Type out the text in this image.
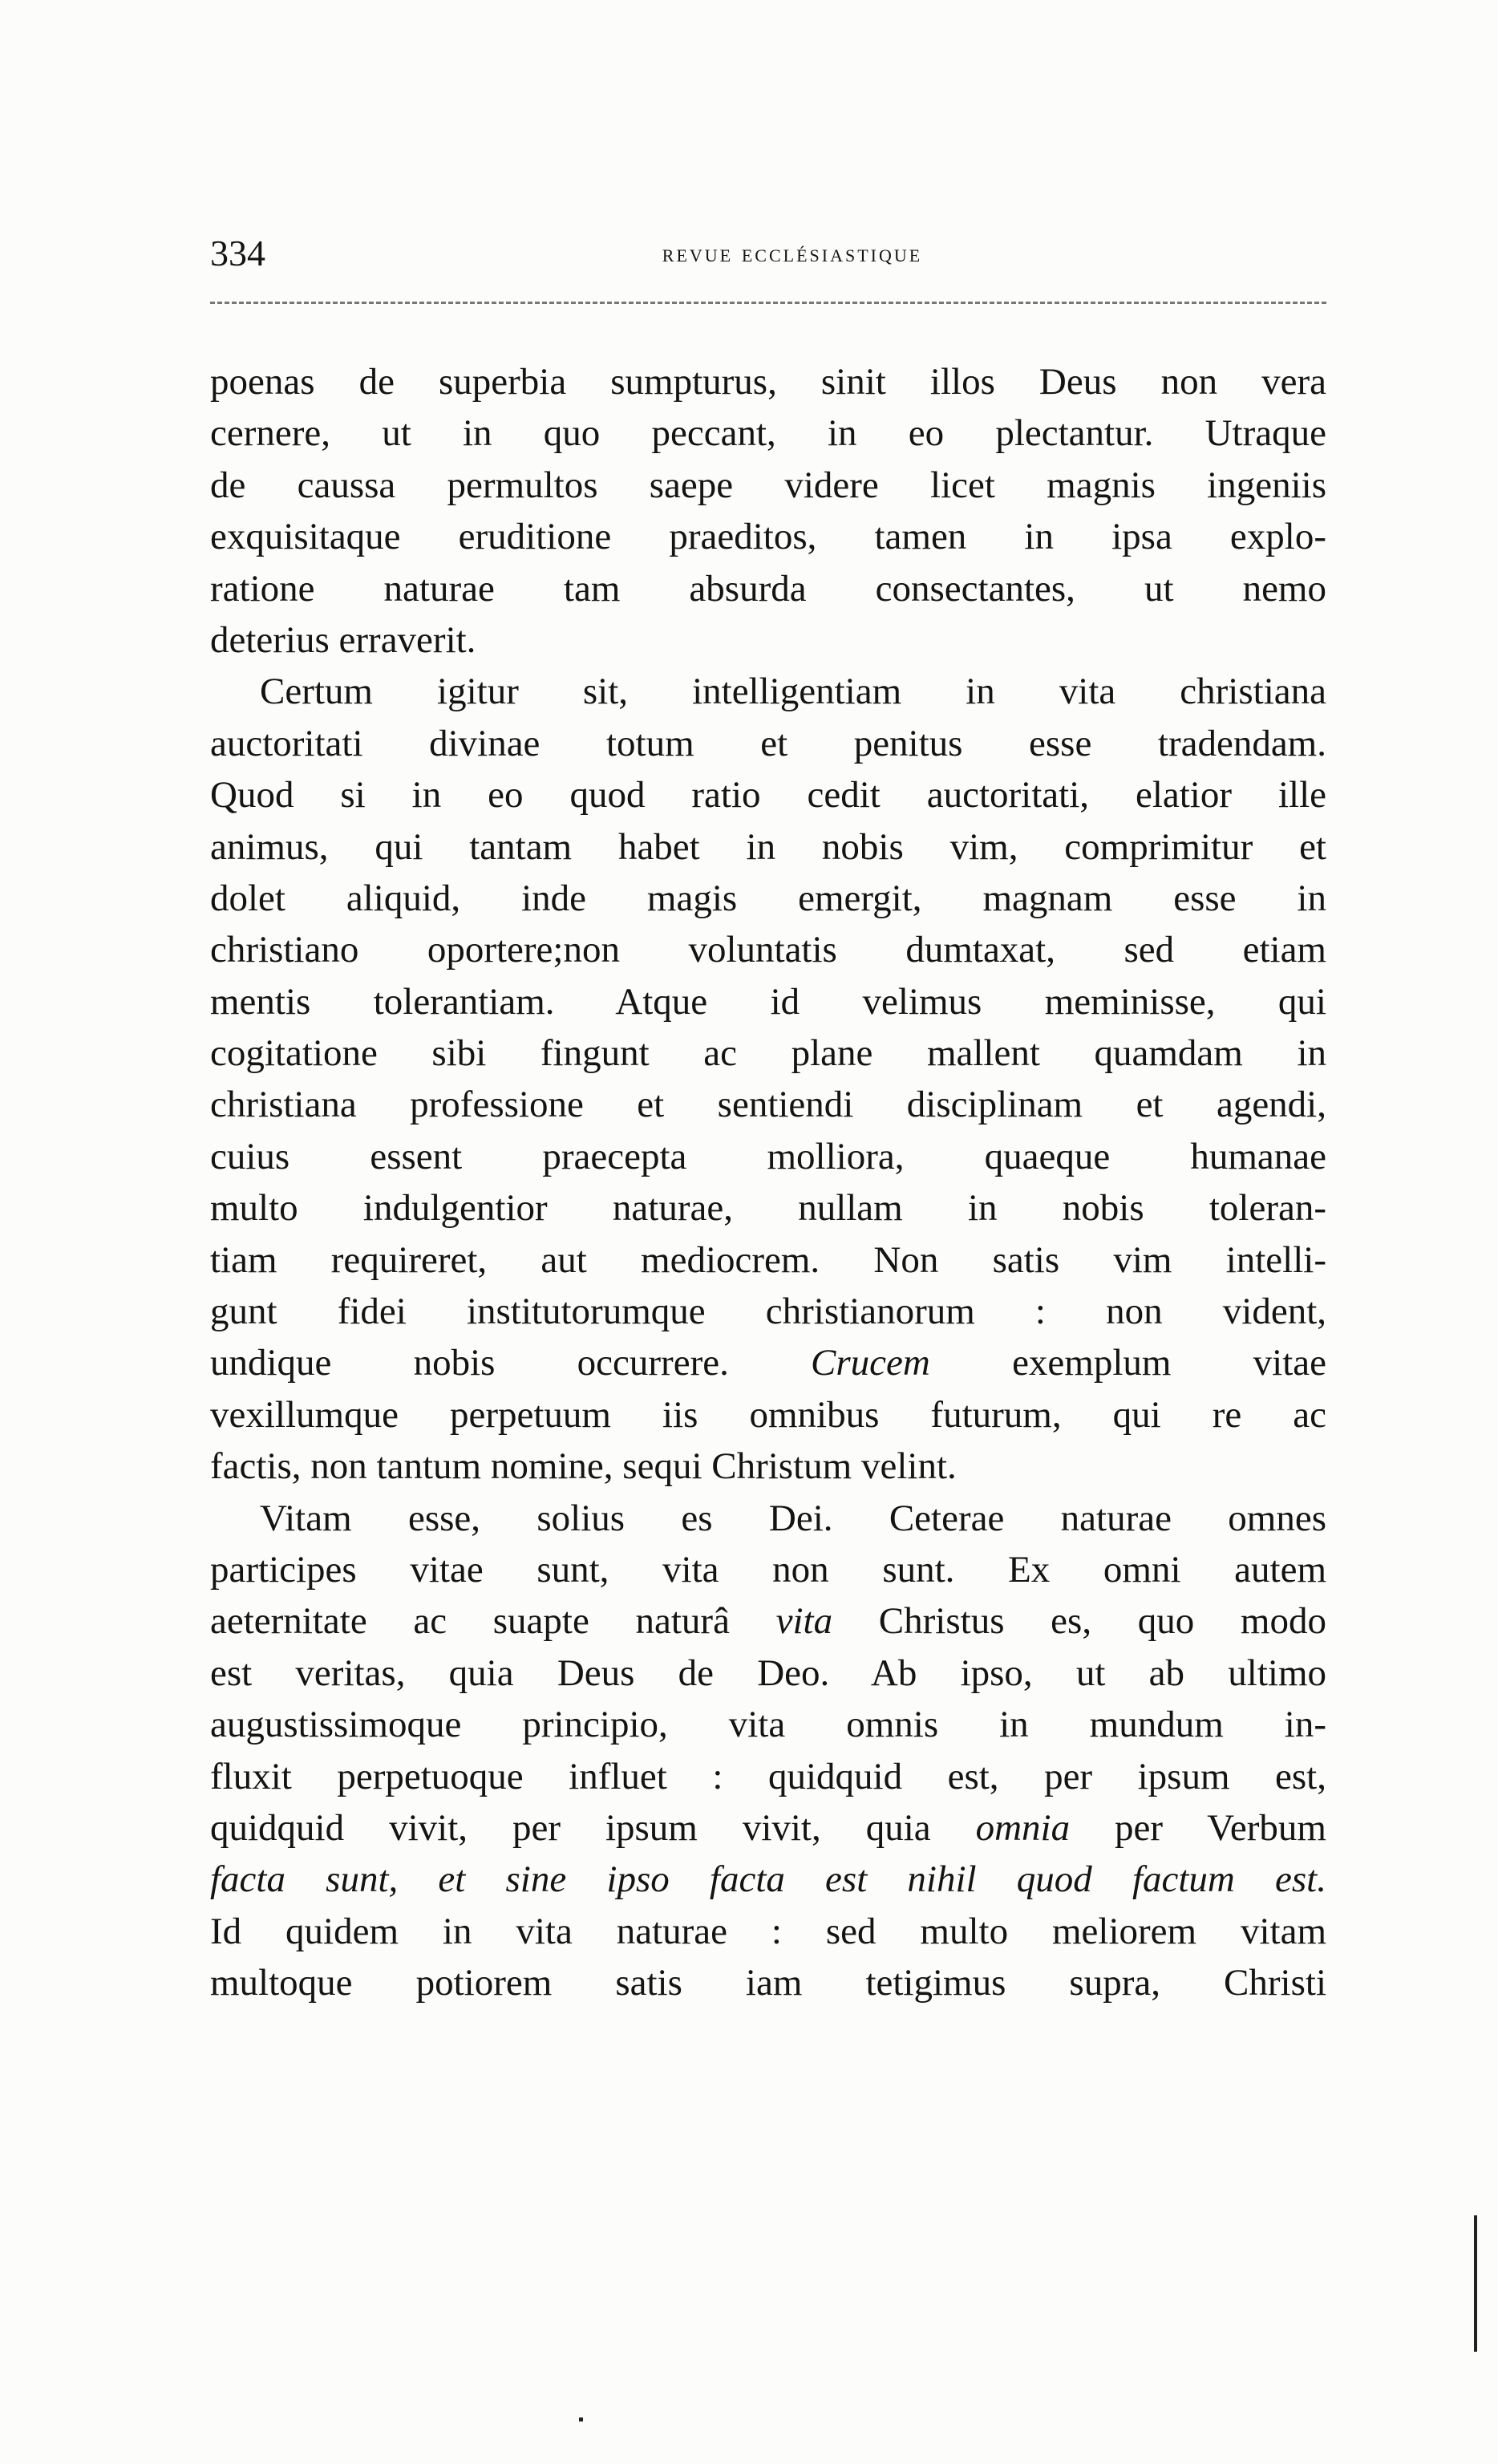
334	revue ecclésiastique
poenas de superbia sumpturus, sinit illos Deus non vera
cernere, ut in quo peccant, in eo plectantur. Utraque
de caussa permultos saepe videre licet magnis ingeniis
exquisitaque eruditione praeditos, tamen in ipsa explo-
ratione naturae tam absurda consectantes, ut nemo
deterius erraverit.
Certum igitur sit, intelligentiam in vita christiana
auctoritati divinae totum et penitus esse tradendam.
Quod si in eo quod ratio cedit auctoritati, elatior ille
animus, qui tantam habet in nobis vim, comprimitur et
dolet aliquid, inde magis emergit, magnam esse in
christiano oportere;non voluntatis dumtaxat, sed etiam
mentis tolerantiam. Atque id velimus meminisse, qui
cogitatione sibi fingunt ac plane mallent quamdam in
christiana professione et sentiendi disciplinam et agendi,
cuius essent praecepta molliora, quaeque humanae
multo indulgentior naturae, nullam in nobis toleran-
tiam requireret, aut mediocrem. Non satis vim intelli-
gunt fidei institutorumque christianorum : non vident,
undique nobis occurrere. Crucem exemplum vitae
vexillumque perpetuum iis omnibus futurum, qui re ac
factis, non tantum nomine, sequi Christum velint.
Vitam esse, solius es Dei. Ceterae naturae omnes
participes vitae sunt, vita non sunt. Ex omni autem
aeternitate ac suapte naturâ vita Christus es, quo modo
est veritas, quia Deus de Deo. Ab ipso, ut ab ultimo
augustissimoque principio, vita omnis in mundum in-
fluxit perpetuoque influet : quidquid est, per ipsum est,
quidquid vivit, per ipsum vivit, quia omnia per Verbum
facta sunt, et sine ipso facta est nihil quod factum est.
Id quidem in vita naturae : sed multo meliorem vitam
multoque potiorem satis iam tetigimus supra, Christi
